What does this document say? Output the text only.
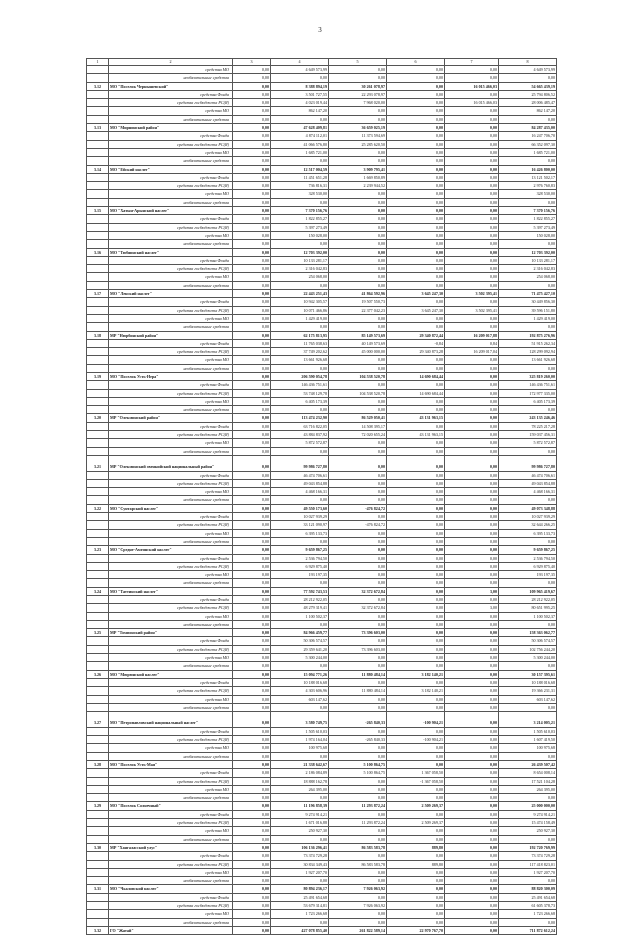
3
1	2	3	4	5	6	7	8
	средства МО	0,00	4 649 573,99	0,00	0,00	0,00	4 649 573,99
	необязательные средства	0,00	0,00	0,00	0,00	0,00	0,00
3.12	МО "Поселок Чернышевский"	0,00	8 388 894,19	30 261 078,97	0,00	16 015 466,03	54 665 439,19
	средства Фонда	0,00	3 501 727,55	22 293 078,97	0,00	0,00	25 794 806,52
	средства госбюджета РС(Я)	0,00	4 023 019,44	7 968 020,00	0,00	16 015 466,03	28 006 485,47
	средства МО	0,00	862 147,20	0,00	0,00	0,00	862 147,20
	необязательные средства	0,00	0,00	0,00	0,00	0,00	0,00
3.13	МО "Мирнинский район"	0,00	47 628 409,81	36 659 025,19	0,00	0,00	84 287 435,00
	средства Фонда	0,00	4 874 112,01	11 373 594,69	0,00	0,00	16 247 706,70
	средства госбюджета РС(Я)	0,00	41 066 576,80	25 285 620,50	0,00	0,00	66 352 097,30
	средства МО	0,00	1 685 721,00	0,00	0,00	0,00	1 685 721,00
	необязательные средства	0,00	0,00	0,00	0,00	0,00	0,00
3.14	МО "Ейский наслег"	0,00	12 517 004,59	3 909 795,41	0,00	0,00	16 426 800,00
	средства Фонда	0,00	11 451 651,28	1 669 850,89	0,00	0,00	13 121 502,17
	средства госбюджета РС(Я)	0,00	736 816,31	2 239 944,52	0,00	0,00	2 976 760,83
	средства МО	0,00	328 530,00	0,00	0,00	0,00	328 530,00
	необязательные средства	0,00	0,00	0,00	0,00	0,00	0,00
3.15	МО "Хатын-Арынский наслег"	0,00	7 370 156,76	0,00	0,00	0,00	7 370 156,76
	средства Фонда	0,00	1 822 855,27	0,00	0,00	0,00	1 822 855,27
	средства госбюджета РС(Я)	0,00	5 397 273,49	0,00	0,00	0,00	5 397 273,49
	средства МО	0,00	150 028,00	0,00	0,00	0,00	150 028,00
	необязательные средства	0,00	0,00	0,00	0,00	0,00	0,00
3.16	МО "Тюбяинский наслег"	0,00	12 703 392,00	0,00	0,00	0,00	12 703 392,00
	средства Фонда	0,00	10 133 281,17	0,00	0,00	0,00	10 133 281,17
	средства госбюджета РС(Я)	0,00	2 316 042,83	0,00	0,00	0,00	2 316 042,83
	средства МО	0,00	254 068,00	0,00	0,00	0,00	254 068,00
	необязательные средства	0,00	0,00	0,00	0,00	0,00	0,00
3.17	МО "Ленский наслег"	0,00	22 443 251,43	41 864 592,96	3 645 247,30	3 502 395,41	71 475 427,10
	средства Фонда	0,00	10 942 305,57	19 507 550,73	0,00	0,00	30 449 856,30
	средства госбюджета РС(Я)	0,00	10 071 466,86	22 377 042,23	3 645 247,30	3 502 395,41	39 596 151,80
	средства МО	0,00	1 429 419,00	0,00	0,00	0,00	1 429 419,00
	необязательные средства	0,00	0,00	0,00	0,00	0,00	0,00
3.18	МР "Нюрбинский район"	0,00	62 175 813,95	85 149 573,69	29 340 872,44	16 209 017,88	192 875 276,96
	средства Фонда	0,00	11 765 038,63	40 149 573,69	-0,84	0,84	51 915 262,34
	средства госбюджета РС(Я)	0,00	37 749 202,62	45 000 000,00	29 340 873,28	16 209 017,04	128 299 092,94
	средства МО	0,00	13 661 926,68	0,00	0,00	0,00	13 661 926,68
	необязательные средства	0,00	0,00	0,00	0,00	0,00	0,00
3.19	МО "Поселок Усть-Нера"	0,00	206 590 054,78	104 538 520,78	14 690 684,44	0,00	325 819 260,00
	средства Фонда	0,00	146 436 751,61	0,00	0,00	0,00	146 436 751,61
	средства госбюджета РС(Я)	0,00	53 748 129,78	104 538 520,78	14 690 684,44	0,00	172 977 335,00
	средства МО	0,00	6 405 173,39	0,00	0,00	0,00	6 405 173,39
	необязательные средства	0,00	0,00	0,00	0,00	0,00	0,00
3.20	МР "Олекминский район"	0,00	113 474 232,90	86 529 050,41	43 131 963,15	0,00	243 135 246,46
	средства Фонда	0,00	63 716 822,05	14 508 395,17	0,00	0,00	78 225 217,28
	средства госбюджета РС(Я)	0,00	43 884 837,92	72 020 655,24	43 131 963,15	0,00	159 037 456,31
	средства МО	0,00	5 872 572,87	0,00	0,00	0,00	5 872 572,87
	необязательные средства	0,00	0,00	0,00	0,00	0,00	0,00
3.21	МР "Олекминский эвенкийский национальный район"	0,00	99 986 727,80	0,00	0,00	0,00	99 986 727,80
	средства Фонда	0,00	46 474 706,61	0,00	0,00	0,00	46 474 706,61
	средства госбюджета РС(Я)	0,00	49 043 854,88	0,00	0,00	0,00	49 043 854,88
	средства МО	0,00	4 468 166,31	0,00	0,00	0,00	4 468 166,31
	необязательные средства	0,00	0,00	0,00	0,00	0,00	0,00
3.22	МО "Сунтарский наслег"	0,00	49 550 173,60	-476 824,72	0,00	0,00	49 073 348,88
	средства Фонда	0,00	10 027 939,29	0,00	0,00	0,00	10 027 939,29
	средства госбюджета РС(Я)	0,00	33 121 090,97	-476 824,72	0,00	0,00	32 644 266,25
	средства МО	0,00	6 395 133,73	0,00	0,00	0,00	6 395 133,73
	необязательные средства	0,00	0,00	0,00	0,00	0,00	0,00
3.23	МО "Средне-Амгинский наслег"	0,00	9 659 867,25	0,00	0,00	0,00	9 659 867,25
	средства Фонда	0,00	2 536 794,50	0,00	0,00	0,00	2 536 794,50
	средства госбюджета РС(Я)	0,00	6 929 875,40	0,00	0,00	0,00	6 929 875,40
	средства МО	0,00	193 197,35	0,00	0,00	0,00	193 197,35
	необязательные средства	0,00	0,00	0,00	0,00	0,00	0,00
3.24	МО "Таттинский наслег"	0,00	77 592 743,53	32 372 672,84	0,00	3,00	109 965 419,67
	средства Фонда	0,00	28 212 922,05	0,00	0,00	0,00	28 212 922,05
	средства госбюджета РС(Я)	0,00	48 279 319,41	32 372 672,84	0,00	3,00	80 651 995,25
	средства МО	0,00	1 100 502,37	0,00	0,00	0,00	1 100 502,37
	необязательные средства	0,00	0,00	0,00	0,00	0,00	0,00
3.25	МР "Томпонский район"	0,00	84 966 459,77	73 396 603,00	0,00	0,00	158 363 062,77
	средства Фонда	0,00	50 306 574,57	0,00	0,00	0,00	50 306 574,57
	средства госбюджета РС(Я)	0,00	29 359 641,20	73 396 603,00	0,00	0,00	102 756 244,20
	средства МО	0,00	5 300 244,00	0,00	0,00	0,00	5 300 244,00
	необязательные средства	0,00	0,00	0,00	0,00	0,00	0,00
3.26	МО "Мюрюнский наслег"	0,00	15 094 771,26	11 880 484,14	3 182 140,21	0,00	30 157 395,61
	средства Фонда	0,00	10 188 016,68	0,00	0,00	0,00	10 188 016,68
	средства госбюджета РС(Я)	0,00	4 303 606,96	11 880 484,14	3 182 140,21	0,00	19 366 231,31
	средства МО	0,00	603 147,62	0,00	0,00	0,00	603 147,62
	необязательные средства	0,00	0,00	0,00	0,00	0,00	0,00
3.27	МО "Петропавловский национальный наслег"	0,00	3 580 749,75	-265 840,33	-100 904,21	0,00	3 214 005,21
	средства Фонда	0,00	1 505 610,03	0,00	0,00	0,00	1 505 610,03
	средства госбюджета РС(Я)	0,00	1 974 164,04	-265 840,33	-100 904,21	0,00	1 607 419,50
	средства МО	0,00	100 975,68	0,00	0,00	0,00	100 975,68
	необязательные средства	0,00	0,00	0,00	0,00	0,00	0,00
3.28	МО "Поселок Усть-Мая"	0,00	21 338 642,67	5 100 864,75	0,00	0,00	26 439 507,42
	средства Фонда	0,00	2 186 084,89	5 100 864,75	1 367 058,50	0,00	8 654 008,14
	средства госбюджета РС(Я)	0,00	18 888 162,78	0,00	-1 367 058,50	0,00	17 521 104,28
	средства МО	0,00	264 395,00	0,00	0,00	0,00	264 395,00
	необязательные средства	0,00	0,00	0,00	0,00	0,00	0,00
3.29	МО "Поселок Солнечный"	0,00	11 196 858,39	11 293 872,24	2 509 269,37	0,00	25 000 000,00
	средства Фонда	0,00	9 274 914,21	0,00	0,00	0,00	9 274 914,21
	средства госбюджета РС(Я)	0,00	1 671 016,88	11 293 872,24	2 509 269,37	0,00	15 474 158,49
	средства МО	0,00	250 927,30	0,00	0,00	0,00	250 927,30
	необязательные средства	0,00	0,00	0,00	0,00	0,00	0,00
3.30	МР "Хангаласский улус"	0,00	106 136 296,41	86 583 583,78	889,80	0,00	192 720 769,99
	средства Фонда	0,00	73 374 729,28	0,00	0,00	0,00	73 374 729,28
	средства госбюджета РС(Я)	0,00	30 834 349,43	86 583 583,78	889,80	0,00	117 418 823,01
	средства МО	0,00	1 927 207,70	0,00	0,00	0,00	1 927 207,70
	необязательные средства	0,00	0,00	0,00	0,00	0,00	0,00
3.31	МО "Чкаловский наслег"	0,00	80 894 236,17	7 926 063,92	0,00	0,00	88 820 300,09
	средства Фонда	0,00	25 491 654,68	0,00	0,00	0,00	25 491 654,68
	средства госбюджета РС(Я)	0,00	53 679 314,81	7 926 063,92	0,00	0,00	61 605 378,73
	средства МО	0,00	1 723 266,68	0,00	0,00	0,00	1 723 266,68
	необязательные средства	0,00	0,00	0,00	0,00	0,00	0,00
3.32	ГО "Жатай"	0,00	427 078 855,40	261 822 589,14	22 970 767,70	0,00	711 872 612,24
